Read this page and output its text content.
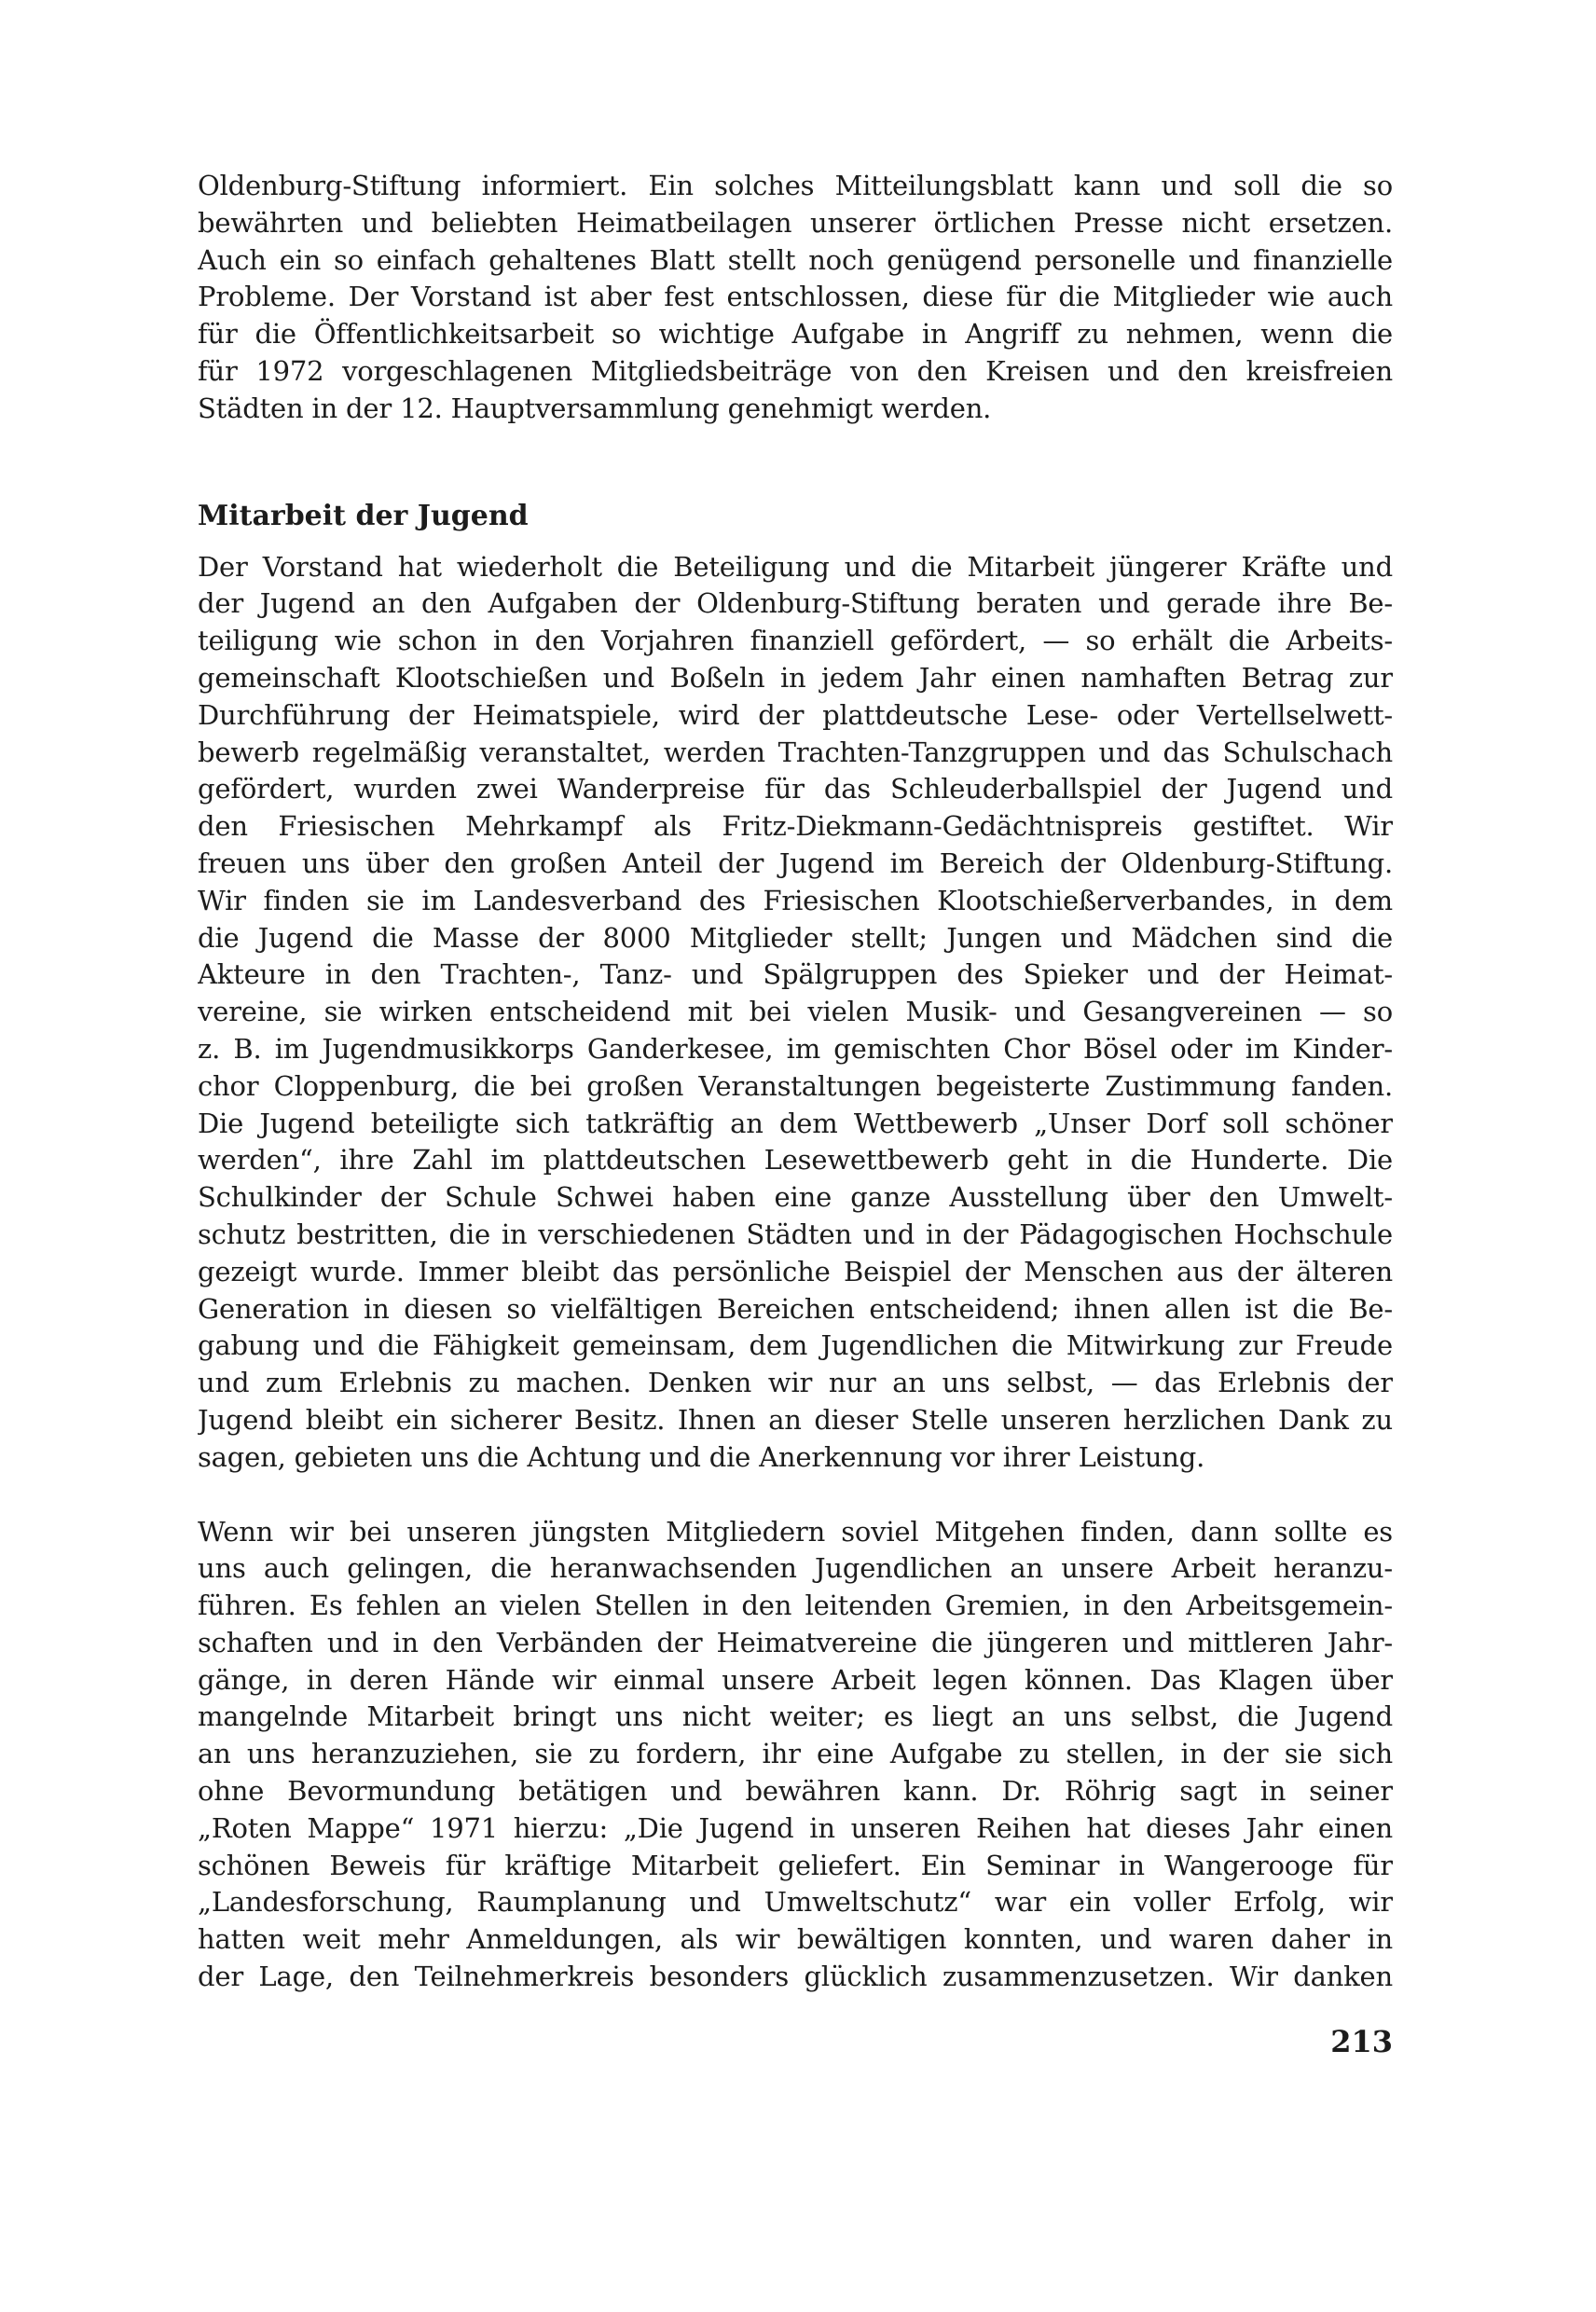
Oldenburg-Stiftung informiert. Ein solches Mitteilungsblatt kann und soll die so

bewährten und beliebten Heimatbeilagen unserer örtlichen Presse nicht ersetzen.

Auch ein so einfach gehaltenes Blatt stellt noch genügend personelle und finanzielle

Probleme. Der Vorstand ist aber fest entschlossen, diese für die Mitglieder wie auch

für die Öffentlichkeitsarbeit so wichtige Aufgabe in Angriff zu nehmen, wenn die

für 1972 vorgeschlagenen Mitgliedsbeiträge von den Kreisen und den kreisfreien

Städten in der 12. Hauptversammlung genehmigt werden.

Mitarbeit der Jugend

Der Vorstand hat wiederholt die Beteiligung und die Mitarbeit jüngerer Kräfte und

der Jugend an den Aufgaben der Oldenburg-Stiftung beraten und gerade ihre Be-

teiligung wie schon in den Vorjahren finanziell gefördert, — so erhält die Arbeits-

gemeinschaft Klootschießen und Boßeln in jedem Jahr einen namhaften Betrag zur

Durchführung der Heimatspiele, wird der plattdeutsche Lese- oder Vertellselwett-

bewerb regelmäßig veranstaltet, werden Trachten-Tanzgruppen und das Schulschach

gefördert, wurden zwei Wanderpreise für das Schleuderballspiel der Jugend und

den Friesischen Mehrkampf als Fritz-Diekmann-Gedächtnispreis gestiftet. Wir

freuen uns über den großen Anteil der Jugend im Bereich der Oldenburg-Stiftung.

Wir finden sie im Landesverband des Friesischen Klootschießerverbandes, in dem

die Jugend die Masse der 8000 Mitglieder stellt; Jungen und Mädchen sind die

Akteure in den Trachten-, Tanz- und Spälgruppen des Spieker und der Heimat-

vereine, sie wirken entscheidend mit bei vielen Musik- und Gesangvereinen — so

z. B. im Jugendmusikkorps Ganderkesee, im gemischten Chor Bösel oder im Kinder-

chor Cloppenburg, die bei großen Veranstaltungen begeisterte Zustimmung fanden.

Die Jugend beteiligte sich tatkräftig an dem Wettbewerb „Unser Dorf soll schöner

werden“, ihre Zahl im plattdeutschen Lesewettbewerb geht in die Hunderte. Die

Schulkinder der Schule Schwei haben eine ganze Ausstellung über den Umwelt-

schutz bestritten, die in verschiedenen Städten und in der Pädagogischen Hochschule

gezeigt wurde. Immer bleibt das persönliche Beispiel der Menschen aus der älteren

Generation in diesen so vielfältigen Bereichen entscheidend; ihnen allen ist die Be-

gabung und die Fähigkeit gemeinsam, dem Jugendlichen die Mitwirkung zur Freude

und zum Erlebnis zu machen. Denken wir nur an uns selbst, — das Erlebnis der

Jugend bleibt ein sicherer Besitz. Ihnen an dieser Stelle unseren herzlichen Dank zu

sagen, gebieten uns die Achtung und die Anerkennung vor ihrer Leistung.

Wenn wir bei unseren jüngsten Mitgliedern soviel Mitgehen finden, dann sollte es

uns auch gelingen, die heranwachsenden Jugendlichen an unsere Arbeit heranzu-

führen. Es fehlen an vielen Stellen in den leitenden Gremien, in den Arbeitsgemein-

schaften und in den Verbänden der Heimatvereine die jüngeren und mittleren Jahr-

gänge, in deren Hände wir einmal unsere Arbeit legen können. Das Klagen über

mangelnde Mitarbeit bringt uns nicht weiter; es liegt an uns selbst, die Jugend

an uns heranzuziehen, sie zu fordern, ihr eine Aufgabe zu stellen, in der sie sich

ohne Bevormundung betätigen und bewähren kann. Dr. Röhrig sagt in seiner

„Roten Mappe“ 1971 hierzu: „Die Jugend in unseren Reihen hat dieses Jahr einen

schönen Beweis für kräftige Mitarbeit geliefert. Ein Seminar in Wangerooge für

„Landesforschung, Raumplanung und Umweltschutz“ war ein voller Erfolg, wir

hatten weit mehr Anmeldungen, als wir bewältigen konnten, und waren daher in

der Lage, den Teilnehmerkreis besonders glücklich zusammenzusetzen. Wir danken

213
